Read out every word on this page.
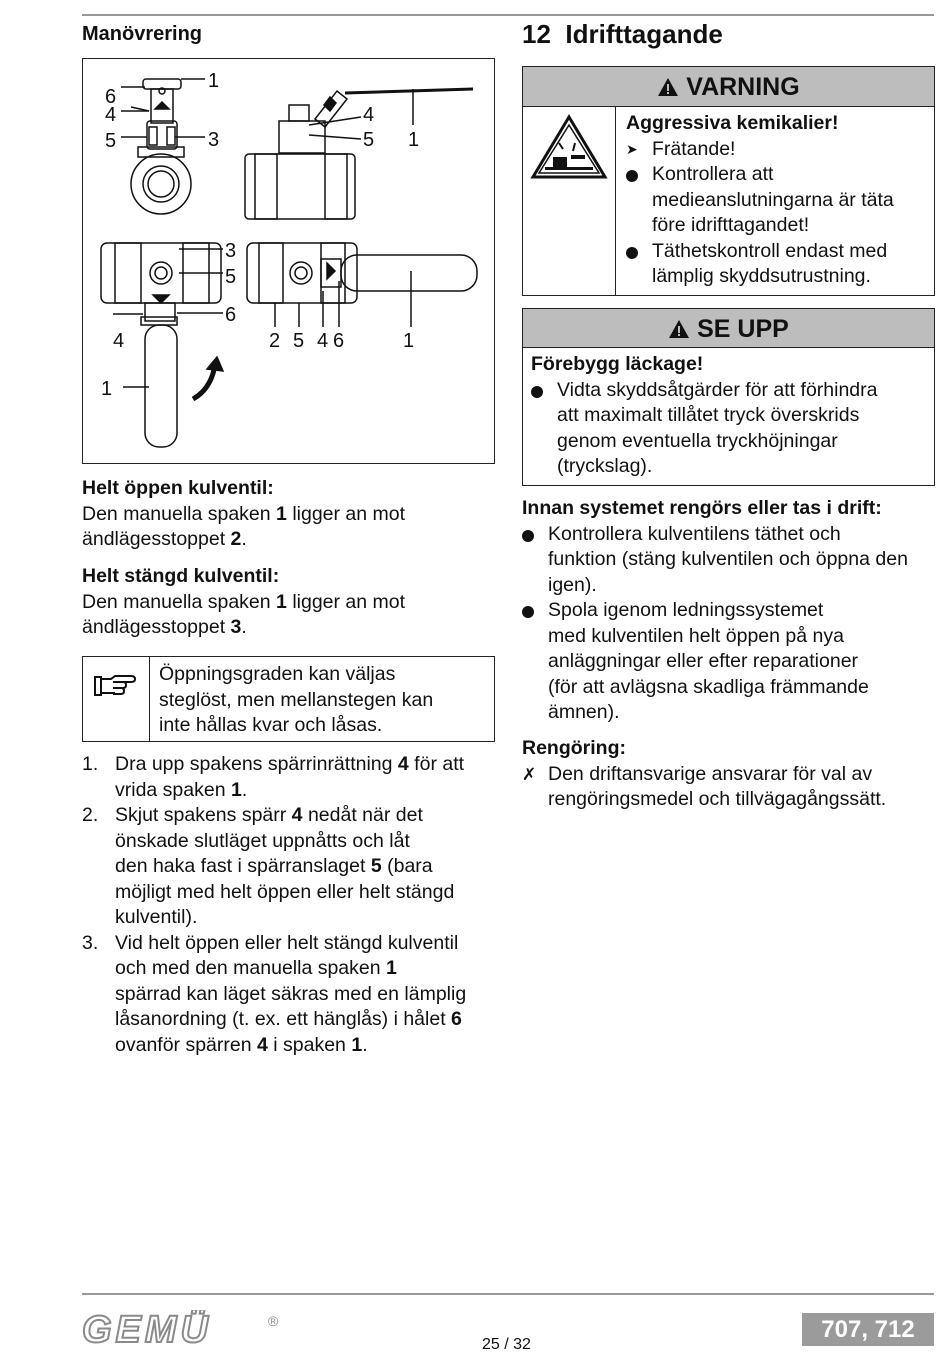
Manövrering
6
4
5
1
3
4
5 1
3
5
6
4
1
2 5 4 6	1

Helt öppen kulventil:

Den manuella spaken 1 ligger an mot

ändlägesstoppet 2.

Helt stängd kulventil:

Den manuella spaken 1 ligger an mot

ändlägesstoppet 3.

Öppningsgraden kan väljas

steglöst, men mellanstegen kan

inte hållas kvar och låsas.

1. Dra upp spakens spärrinrättning 4 för att

vrida spaken 1.

2. Skjut spakens spärr 4 nedåt när det

önskade slutläget uppnåtts och låt

den haka fast i spärranslaget 5 (bara

möjligt med helt öppen eller helt stängd

kulventil).

3. Vid helt öppen eller helt stängd kulventil

och med den manuella spaken 1

spärrad kan läget säkras med en lämplig

låsanordning (t. ex. ett hänglås) i hålet 6

ovanför spärren 4 i spaken 1.

12 Idrifttagande
VARNING

Aggressiva kemikalier!

➤ Frätande!

Kontrollera att

medieanslutningarna är täta

före idrifttagandet!

Täthetskontroll endast med

lämplig skyddsutrustning.

SE UPP

Förebygg läckage!

Vidta skyddsåtgärder för att förhindra

att maximalt tillåtet tryck överskrids

genom eventuella tryckhöjningar

(tryckslag).

Innan systemet rengörs eller tas i drift:

Kontrollera kulventilens täthet och

funktion (stäng kulventilen och öppna den

igen).

Spola igenom ledningssystemet

med kulventilen helt öppen på nya

anläggningar eller efter reparationer

(för att avlägsna skadliga främmande

ämnen).

Rengöring:

✗ Den driftansvarige ansvarar för val av

rengöringsmedel och tillvägagångssätt.

GEMÜ	®
25 / 32
707, 712
